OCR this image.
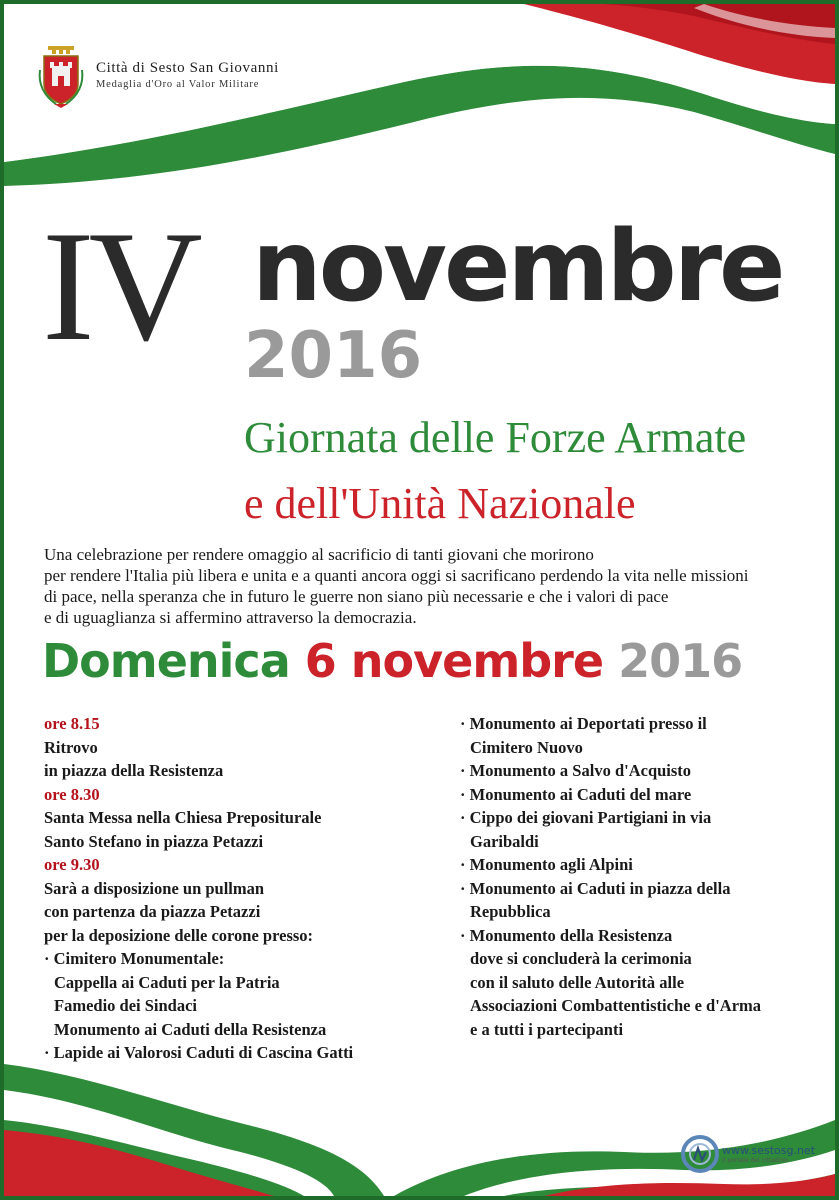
Città di Sesto San Giovanni
Medaglia d'Oro al Valor Militare
IV novembre
2016
Giornata delle Forze Armate
e dell'Unità Nazionale

Una celebrazione per rendere omaggio al sacrificio di tanti giovani che morirono

per rendere l'Italia più libera e unita e a quanti ancora oggi si sacrificano perdendo la vita nelle missioni

di pace, nella speranza che in futuro le guerre non siano più necessarie e che i valori di pace

e di uguaglianza si affermino attraverso la democrazia.

Domenica 6 novembre 2016
ore 8.15
Ritrovo
in piazza della Resistenza
ore 8.30
Santa Messa nella Chiesa Prepositurale
Santo Stefano in piazza Petazzi
ore 9.30
Sarà a disposizione un pullman
con partenza da piazza Petazzi
per la deposizione delle corone presso:
· Cimitero Monumentale:
Cappella ai Caduti per la Patria
Famedio dei Sindaci
Monumento ai Caduti della Resistenza
· Lapide ai Valorosi Caduti di Cascina Gatti
· Monumento ai Deportati presso il
Cimitero Nuovo
· Monumento a Salvo d'Acquisto
· Monumento ai Caduti del mare
· Cippo dei giovani Partigiani in via
Garibaldi
· Monumento agli Alpini
· Monumento ai Caduti in piazza della
Repubblica
· Monumento della Resistenza
dove si concluderà la cerimonia
con il saluto delle Autorità alle
Associazioni Combattentistiche e d'Arma
e a tutti i partecipanti
www.sestosg.net
il portale del cittadino
